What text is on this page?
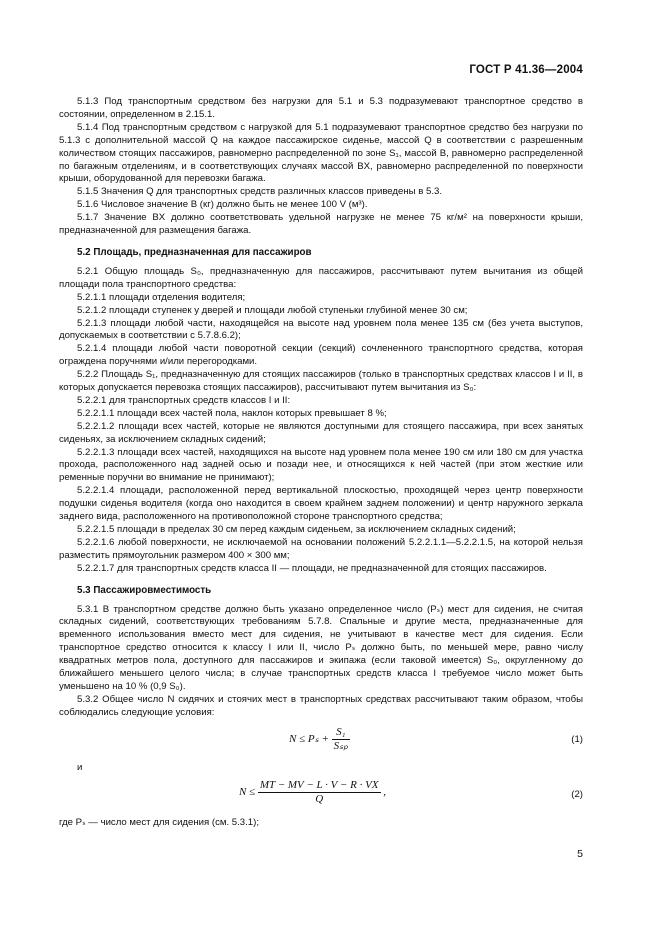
ГОСТ Р 41.36—2004

5.1.3 Под транспортным средством без нагрузки для 5.1 и 5.3 подразумевают транспортное средство в состоянии, определенном в 2.15.1.

5.1.4 Под транспортным средством с нагрузкой для 5.1 подразумевают транспортное средство без нагрузки по 5.1.3 с дополнительной массой Q на каждое пассажирское сиденье, массой Q в соответствии с разрешенным количеством стоящих пассажиров, равномерно распределенной по зоне S₁, массой B, равномерно распределенной по багажным отделениям, и в соответствующих случаях массой BX, равномерно распределенной по поверхности крыши, оборудованной для перевозки багажа.

5.1.5 Значения Q для транспортных средств различных классов приведены в 5.3.

5.1.6 Числовое значение B (кг) должно быть не менее 100 V (м³).

5.1.7 Значение BX должно соответствовать удельной нагрузке не менее 75 кг/м² на поверхности крыши, предназначенной для размещения багажа.

5.2 Площадь, предназначенная для пассажиров

5.2.1 Общую площадь S₀, предназначенную для пассажиров, рассчитывают путем вычитания из общей площади пола транспортного средства:

5.2.1.1 площади отделения водителя;

5.2.1.2 площади ступенек у дверей и площади любой ступеньки глубиной менее 30 см;

5.2.1.3 площади любой части, находящейся на высоте над уровнем пола менее 135 см (без учета выступов, допускаемых в соответствии с 5.7.8.6.2);

5.2.1.4 площади любой части поворотной секции (секций) сочлененного транспортного средства, которая ограждена поручнями и/или перегородками.

5.2.2 Площадь S₁, предназначенную для стоящих пассажиров (только в транспортных средствах классов I и II, в которых допускается перевозка стоящих пассажиров), рассчитывают путем вычитания из S₀:

5.2.2.1 для транспортных средств классов I и II:

5.2.2.1.1 площади всех частей пола, наклон которых превышает 8 %;

5.2.2.1.2 площади всех частей, которые не являются доступными для стоящего пассажира, при всех занятых сиденьях, за исключением складных сидений;

5.2.2.1.3 площади всех частей, находящихся на высоте над уровнем пола менее 190 см или 180 см для участка прохода, расположенного над задней осью и позади нее, и относящихся к ней частей (при этом жесткие или ременные поручни во внимание не принимают);

5.2.2.1.4 площади, расположенной перед вертикальной плоскостью, проходящей через центр поверхности подушки сиденья водителя (когда оно находится в своем крайнем заднем положении) и центр наружного зеркала заднего вида, расположенного на противоположной стороне транспортного средства;

5.2.2.1.5 площади в пределах 30 см перед каждым сиденьем, за исключением складных сидений;

5.2.2.1.6 любой поверхности, не исключаемой на основании положений 5.2.2.1.1—5.2.2.1.5, на которой нельзя разместить прямоугольник размером 400 × 300 мм;

5.2.2.1.7 для транспортных средств класса II — площади, не предназначенной для стоящих пассажиров.

5.3 Пассажировместимость

5.3.1 В транспортном средстве должно быть указано определенное число (Pₛ) мест для сидения, не считая складных сидений, соответствующих требованиям 5.7.8. Спальные и другие места, предназначенные для временного использования вместо мест для сидения, не учитывают в качестве мест для сидения. Если транспортное средство относится к классу I или II, число Pₛ должно быть, по меньшей мере, равно числу квадратных метров пола, доступного для пассажиров и экипажа (если таковой имеется) S₀, округленному до ближайшего меньшего целого числа; в случае транспортных средств класса I требуемое число может быть уменьшено на 10 % (0,9 S₀).

5.3.2 Общее число N сидячих и стоячих мест в транспортных средствах рассчитывают таким образом, чтобы соблюдались следующие условия:

$N \le P_s + \frac{\text{S₁}}{\text{Sₛₚ}}$	(1)
и
$N \le \frac{MT - MV - L \cdot V - R \cdot VX}{Q}$ ,	(2)

где Pₛ — число мест для сидения (см. 5.3.1);

5
